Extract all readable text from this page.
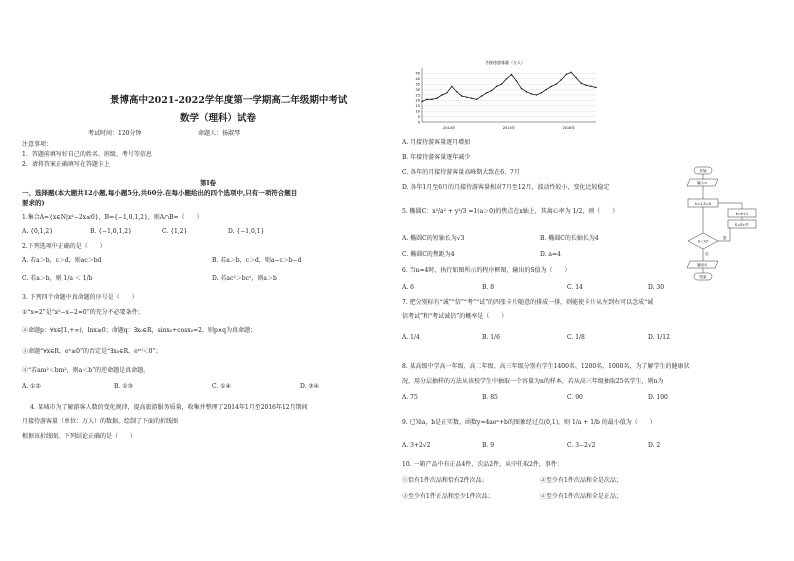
景博高中2021-2022学年度第一学期高二年级期中考试
数学（理科）试卷
考试时间：120分钟	命题人：扬淑琴
注意事项：
1．答题前填写好自己的姓名、班级、考号等信息
2．请将答案正确填写在答题卡上
第I卷
一、选择题(本大题共12小题,每小题5分,共60分.在每小题给出的四个选项中,只有一项符合题目
要求的)
1.集合A={x∈N|x²−2x≤0}，B={−1,0,1,2}，则A∩B=（　　）
A. {0,1,2}	B. {−1,0,1,2}	C. {1,2}	D. {−1,0,1}
2.下列选项中正确的是（　　）
A. 若a＞b，c＞d，则ac＞bd	B. 若a＞b，c＞d，则a−c＞b−d
C. 若a＞b，则 1/a ＜ 1/b	D. 若ac²＞bc²，则a＞b
3. 下列四个命题中真命题的序号是（　　）
①“x=2”是“x²−x−2=0”的充分不必要条件；
②命题p：∀x∈[1,+∞)，lnx≥0；命题q：∃x₀∈R，sinx₀+cosx₀=2，则p∧q为真命题；
③命题“∀x∈R，eˣ≥0”的否定是“∃x₀∈R，eˣ⁰＜0”；
④“若am²＜bm²，则a＜b”的逆命题是真命题。
A. ①②	B. ①③	C. ①④	D. ③④
4. 某城市为了解游客人数的变化规律，提高旅游服务质量，收集并整理了2014年1月至2016年12月期间
月接待游客量（单位：万人）的数据，绘制了下面的折线图
根据该折线图，下列结论正确的是（　　）
月接待游客量（万人）
0
5
10
15
20
25
30
35
40
45
2014年	2015年	2016年
A. 月接待游客量逐月增加
B. 年接待游客量逐年减少
C. 各年的月接待游客量高峰期大致在6、7月
D. 各年1月至6月的月接待游客量相对7月至12月，波动性较小，变化比较稳定
5. 椭圆C：x²/a² + y²/3 =1(a＞0)的焦点在x轴上，其离心率为 1/2，则（　　）
A. 椭圆C的短轴长为√3	B. 椭圆C的长轴长为4
C. 椭圆C的焦距为4	D. a=4
6. 当n=4时，执行如图所示的程序框图，输出的S值为（　　）
A. 6	B. 8	C. 14	D. 30
开始
输入n
k=1,S=0
k＜n?
S=S+2ᵏ
k=k+1
是
否
输出S
结束
7. 把分别标有“诚”“信”“考”“试”的四张卡片随意的排成一排，则能使卡片从左到右可以念成“诚
信考试”和“考试诚信”的概率是（　　）
A. 1/4	B. 1/6	C. 1/8	D. 1/12
8. 某高级中学高一年级、高二年级、高三年级分别有学生1400名、1200名、1000名，为了解学生的健康状
况，用分层抽样的方法从该校学生中抽取一个容量为n的样本，若从高三年级抽取25名学生，则n为
A. 75	B. 85	C. 90	D. 100
9. 已知a，b是正实数，函数y=4aeˣ+b的图象经过点(0,1)，则 1/a + 1/b 的最小值为（　　）
A. 3+2√2	B. 9	C. 3−2√2	D. 2
10. 一箱产品中有正品4件，次品2件，从中任取2件，事件：
①恰有1件次品和恰有2件次品；	②至少有1件次品和全是次品；
③至少有1件正品和至少1件次品；	④至少有1件次品和全是正品；
